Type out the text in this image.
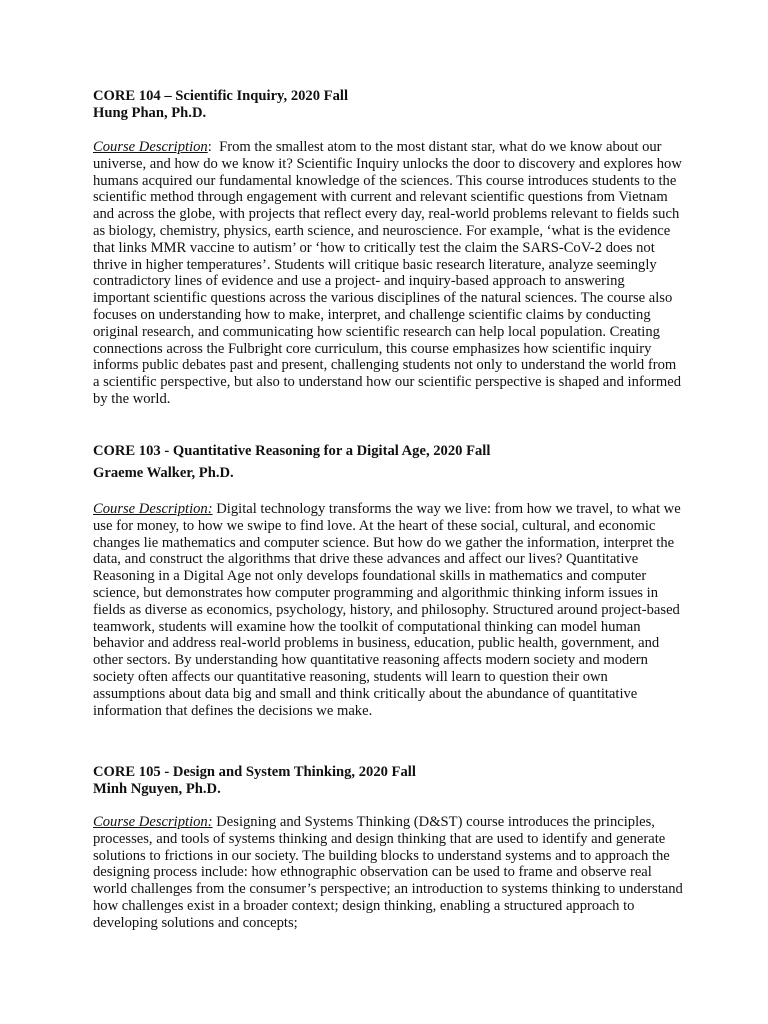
CORE 104 – Scientific Inquiry, 2020 Fall

Hung Phan, Ph.D.

Course Description:  From the smallest atom to the most distant star, what do we know about our universe, and how do we know it? Scientific Inquiry unlocks the door to discovery and explores how humans acquired our fundamental knowledge of the sciences. This course introduces students to the scientific method through engagement with current and relevant scientific questions from Vietnam and across the globe, with projects that reflect every day, real-world problems relevant to fields such as biology, chemistry, physics, earth science, and neuroscience. For example, ‘what is the evidence that links MMR vaccine to autism’ or ‘how to critically test the claim the SARS-CoV-2 does not thrive in higher temperatures’. Students will critique basic research literature, analyze seemingly contradictory lines of evidence and use a project- and inquiry-based approach to answering important scientific questions across the various disciplines of the natural sciences. The course also focuses on understanding how to make, interpret, and challenge scientific claims by conducting original research, and communicating how scientific research can help local population. Creating connections across the Fulbright core curriculum, this course emphasizes how scientific inquiry informs public debates past and present, challenging students not only to understand the world from a scientific perspective, but also to understand how our scientific perspective is shaped and informed by the world.

CORE 103 - Quantitative Reasoning for a Digital Age, 2020 Fall

Graeme Walker, Ph.D.

Course Description: Digital technology transforms the way we live: from how we travel, to what we use for money, to how we swipe to find love. At the heart of these social, cultural, and economic changes lie mathematics and computer science. But how do we gather the information, interpret the data, and construct the algorithms that drive these advances and affect our lives? Quantitative Reasoning in a Digital Age not only develops foundational skills in mathematics and computer science, but demonstrates how computer programming and algorithmic thinking inform issues in fields as diverse as economics, psychology, history, and philosophy. Structured around project-based teamwork, students will examine how the toolkit of computational thinking can model human behavior and address real-world problems in business, education, public health, government, and other sectors. By understanding how quantitative reasoning affects modern society and modern society often affects our quantitative reasoning, students will learn to question their own assumptions about data big and small and think critically about the abundance of quantitative information that defines the decisions we make.

CORE 105 - Design and System Thinking, 2020 Fall

Minh Nguyen, Ph.D.

Course Description: Designing and Systems Thinking (D&ST) course introduces the principles, processes, and tools of systems thinking and design thinking that are used to identify and generate solutions to frictions in our society. The building blocks to understand systems and to approach the designing process include: how ethnographic observation can be used to frame and observe real world challenges from the consumer’s perspective; an introduction to systems thinking to understand how challenges exist in a broader context; design thinking, enabling a structured approach to developing solutions and concepts;
